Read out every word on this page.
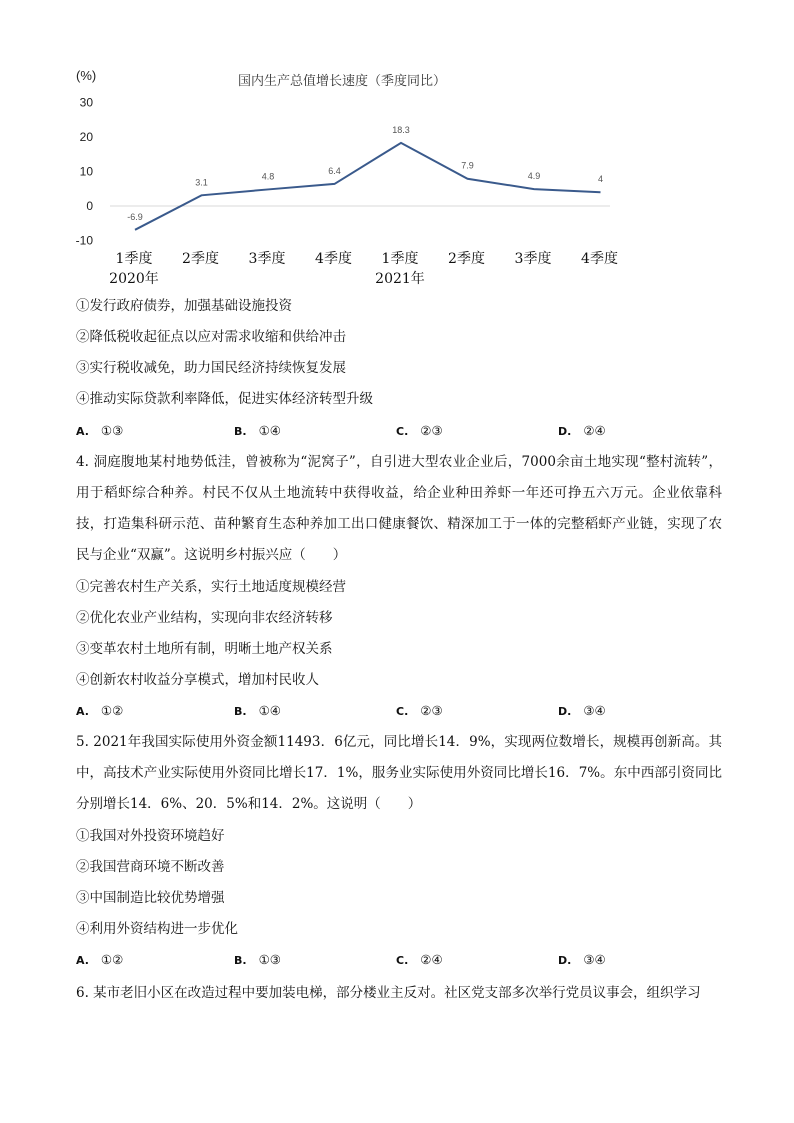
(%)	国内生产总值增长速度（季度同比）
30
20
10
0
-10
-6.9
3.1
4.8
6.4
18.3
7.9
4.9	4
1季度 2季度 3季度 4季度 1季度 2季度 3季度 4季度
2020年	2021年
①发行政府债券，加强基础设施投资
②降低税收起征点以应对需求收缩和供给冲击
③实行税收减免，助力国民经济持续恢复发展
④推动实际贷款利率降低，促进实体经济转型升级
A. ①③	B. ①④	C. ②③	D. ②④
4. 洞庭腹地某村地势低洼，曾被称为“泥窝子”，自引进大型农业企业后，7000余亩土地实现“整村流转”，用于稻虾综合种养。村民不仅从土地流转中获得收益，给企业种田养虾一年还可挣五六万元。企业依靠科技，打造集科研示范、苗种繁育生态种养加工出口健康餐饮、精深加工于一体的完整稻虾产业链，实现了农民与企业“双赢”。这说明乡村振兴应（　　）
①完善农村生产关系，实行土地适度规模经营
②优化农业产业结构，实现向非农经济转移
③变革农村土地所有制，明晰土地产权关系
④创新农村收益分享模式，增加村民收人
A. ①②	B. ①④	C. ②③	D. ③④
5. 2021年我国实际使用外资金额11493．6亿元，同比增长14．9%，实现两位数增长，规模再创新高。其中，高技术产业实际使用外资同比增长17．1%，服务业实际使用外资同比增长16．7%。东中西部引资同比分别增长14．6%、20．5%和14．2%。这说明（　　）
①我国对外投资环境趋好
②我国营商环境不断改善
③中国制造比较优势增强
④利用外资结构进一步优化
A. ①②	B. ①③	C. ②④	D. ③④
6. 某市老旧小区在改造过程中要加装电梯，部分楼业主反对。社区党支部多次举行党员议事会，组织学习
